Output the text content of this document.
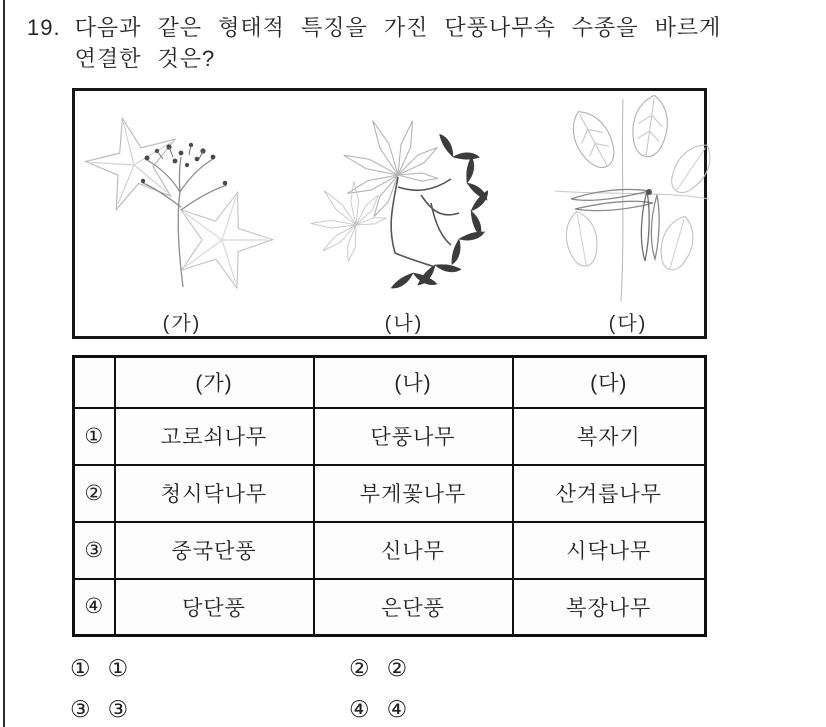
19. 다음과 같은 형태적 특징을 가진 단풍나무속 수종을 바르게
연결한 것은?
(가)	(나)	(다)
	(가)	(나)	(다)
①	고로쇠나무	단풍나무	복자기
②	청시닥나무	부게꽃나무	산겨릅나무
③	중국단풍	신나무	시닥나무
④	당단풍	은단풍	복장나무
① ①	② ②
③ ③	④ ④
